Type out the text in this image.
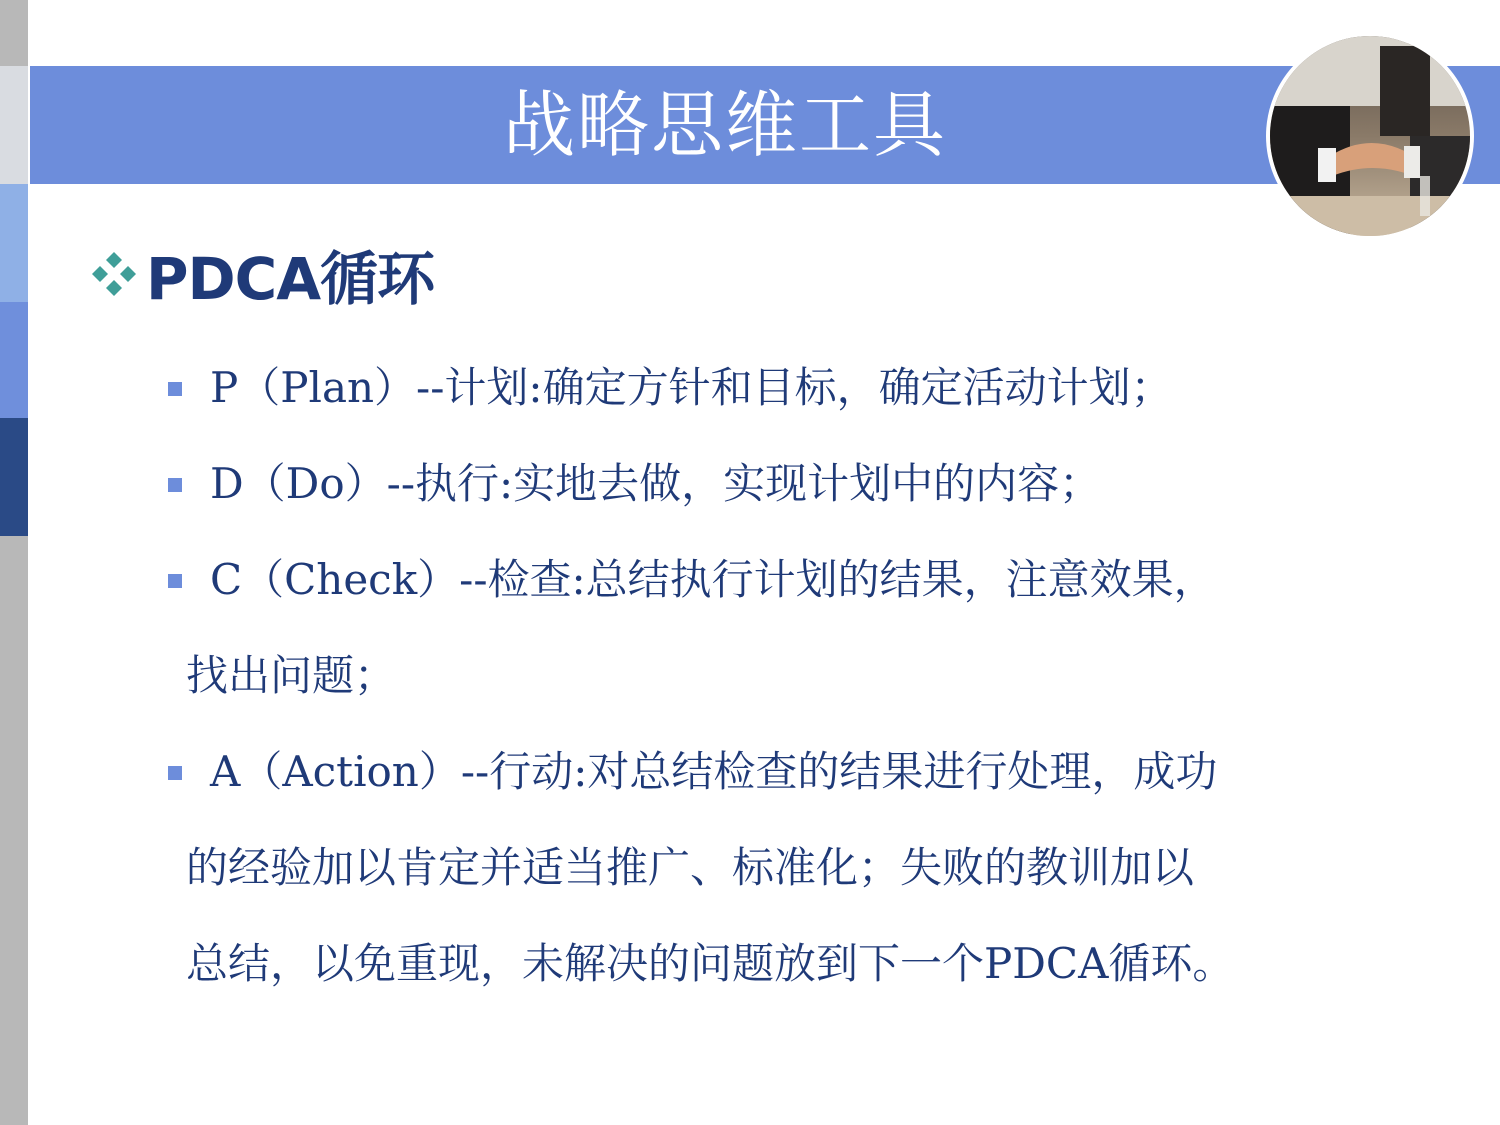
战略思维工具
PDCA循环
P（Plan）--计划:确定方针和目标，确定活动计划；
D（Do）--执行:实地去做，实现计划中的内容；
C（Check）--检查:总结执行计划的结果，注意效果，
找出问题；
A（Action）--行动:对总结检查的结果进行处理，成功
的经验加以肯定并适当推广、标准化；失败的教训加以
总结，以免重现，未解决的问题放到下一个PDCA循环。
